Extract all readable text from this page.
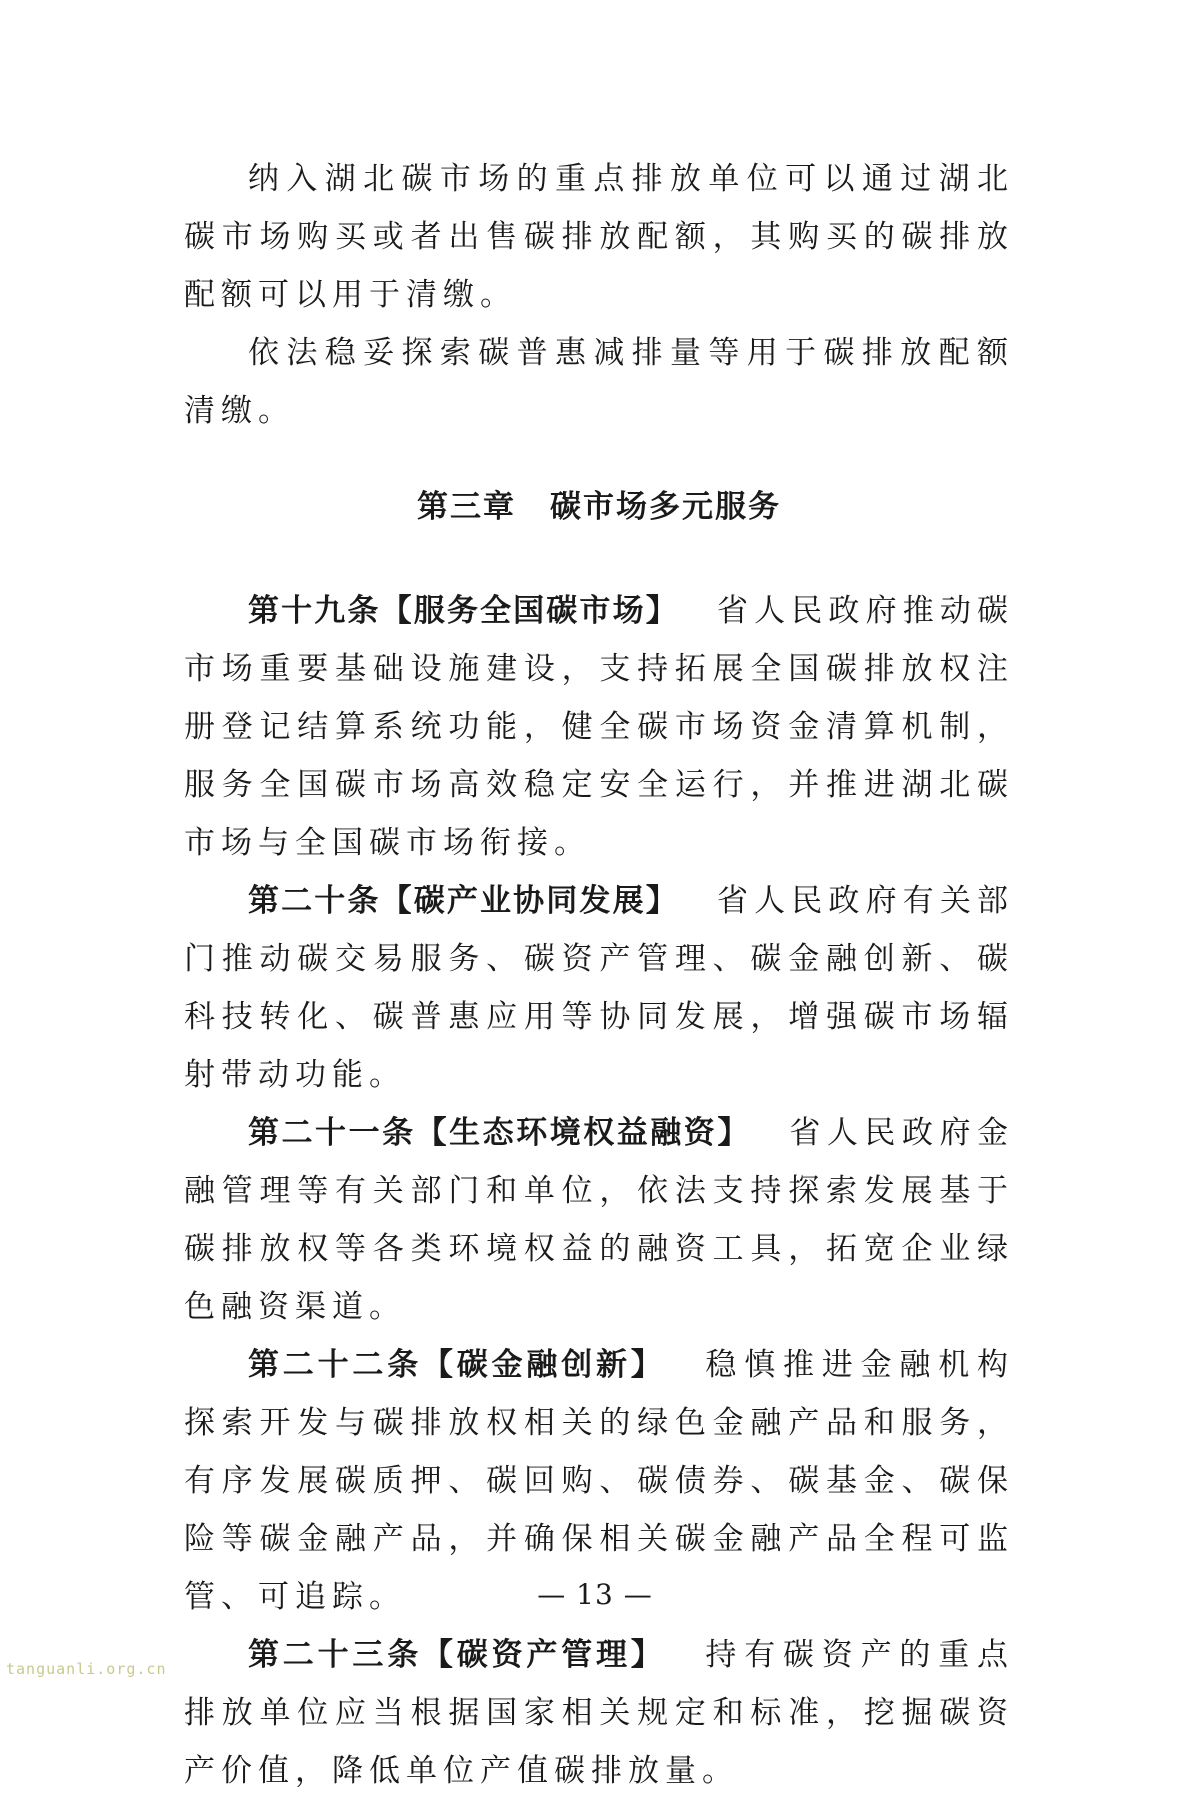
纳入湖北碳市场的重点排放单位可以通过湖北碳市场购买或者出售碳排放配额，其购买的碳排放配额可以用于清缴。

依法稳妥探索碳普惠减排量等用于碳排放配额清缴。

第三章 碳市场多元服务

第十九条【服务全国碳市场】 省人民政府推动碳市场重要基础设施建设，支持拓展全国碳排放权注册登记结算系统功能，健全碳市场资金清算机制，服务全国碳市场高效稳定安全运行，并推进湖北碳市场与全国碳市场衔接。

第二十条【碳产业协同发展】 省人民政府有关部门推动碳交易服务、碳资产管理、碳金融创新、碳科技转化、碳普惠应用等协同发展，增强碳市场辐射带动功能。

第二十一条【生态环境权益融资】 省人民政府金融管理等有关部门和单位，依法支持探索发展基于碳排放权等各类环境权益的融资工具，拓宽企业绿色融资渠道。

第二十二条【碳金融创新】 稳慎推进金融机构探索开发与碳排放权相关的绿色金融产品和服务，有序发展碳质押、碳回购、碳债券、碳基金、碳保险等碳金融产品，并确保相关碳金融产品全程可监管、可追踪。

第二十三条【碳资产管理】 持有碳资产的重点排放单位应当根据国家相关规定和标准，挖掘碳资产价值，降低单位产值碳排放量。

— 13 —
tanguanli.org.cn
